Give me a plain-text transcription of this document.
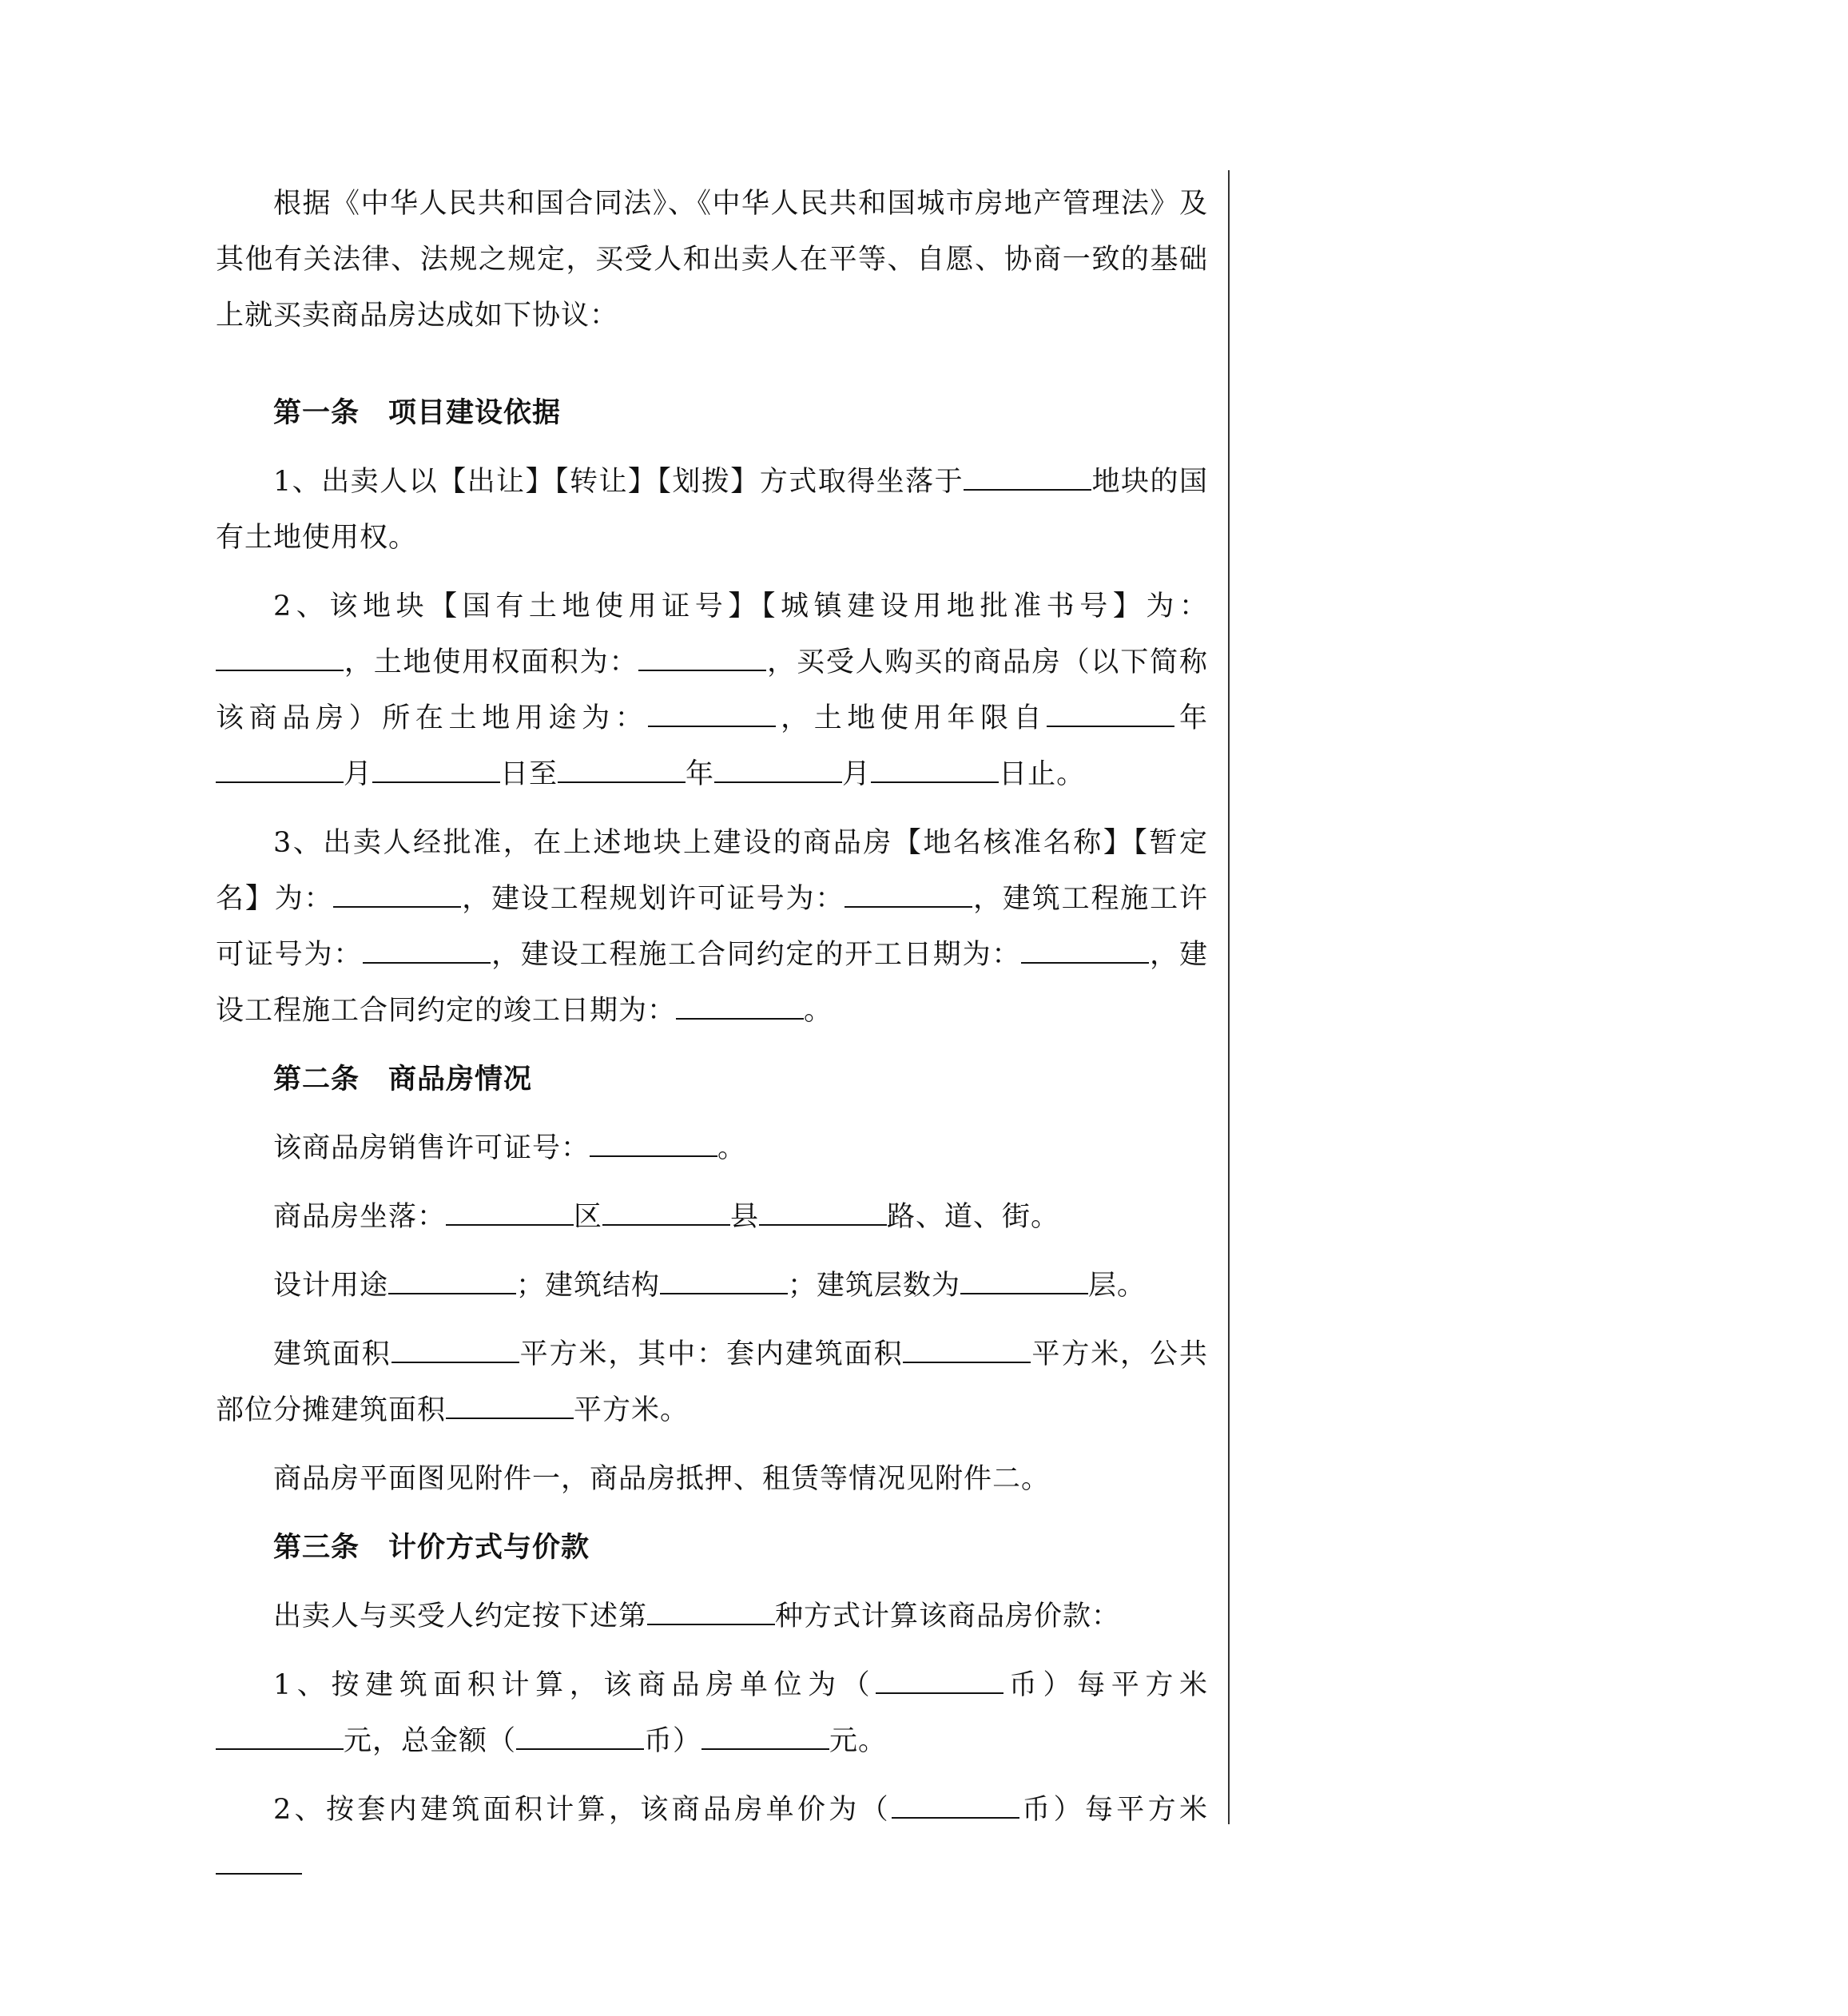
根据《中华人民共和国合同法》、《中华人民共和国城市房地产管理法》及其他有关法律、法规之规定，买受人和出卖人在平等、自愿、协商一致的基础上就买卖商品房达成如下协议：

第一条　项目建设依据

1、出卖人以【出让】【转让】【划拨】方式取得坐落于	地块的国有土地使用权。

2、该地块【国有土地使用证号】【城镇建设用地批准书号】为：，土地使用权面积为：	，买受人购买的商品房（以下简称该商品房）所在土地用途为：	，土地使用年限自	年月	日至	年	月	日止。

3、出卖人经批准，在上述地块上建设的商品房【地名核准名称】【暂定名】为：	，建设工程规划许可证号为：	，建筑工程施工许可证号为：	，建设工程施工合同约定的开工日期为：	，建设工程施工合同约定的竣工日期为：	。

第二条　商品房情况

该商品房销售许可证号：	。

商品房坐落：	区	县	路、道、街。

设计用途	；建筑结构	；建筑层数为	层。

建筑面积	平方米，其中：套内建筑面积	平方米，公共部位分摊建筑面积	平方米。

商品房平面图见附件一，商品房抵押、租赁等情况见附件二。

第三条　计价方式与价款

出卖人与买受人约定按下述第	种方式计算该商品房价款：

1、按建筑面积计算，该商品房单位为（	币）每平方米元，总金额（	币）	元。

2、按套内建筑面积计算，该商品房单价为（	币）每平方米
